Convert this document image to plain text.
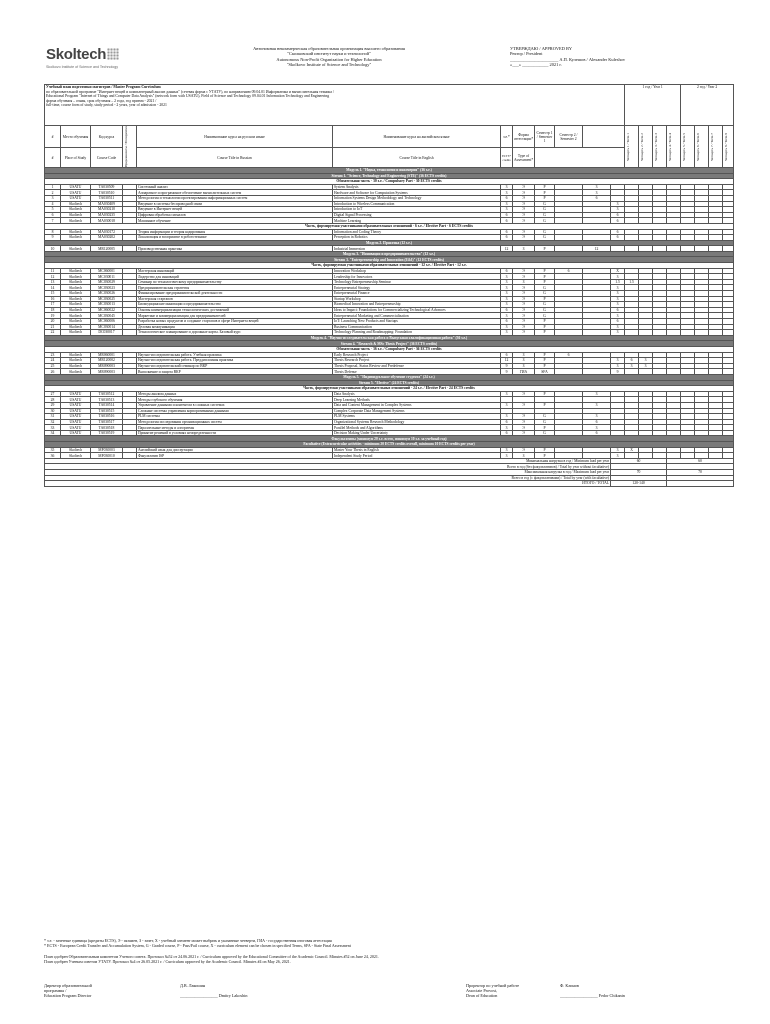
Skoltech
Skolkovo Institute of Science and Technology
Автономная некоммерческая образовательная организация высшего образования
"Сколковский институт науки и технологий"
Autonomous Non-Profit Organization for Higher Education
"Skolkovo Institute of Science and Technology"
УТВЕРЖДАЮ / APPROVED BY
Ректор / President
______________________ А.П. Кулешов / Alexander Kuleshov
«___» ____________ 2021 г.
Учебный план подготовки магистров / Master Program Curriculum
по образовательной программе "Интернет вещей и компьютерный анализ данных" (сетевая форма с УТАТУ), по направлению 09.04.01 Информатика и вычислительная техника /
Educational Program "Internet of Things and Computer Data Analysis" (network form with USATU), Field of Science and Technology 09.04.01 Information Technology and Engineering
форма обучения – очная, срок обучения – 2 года, год приема - 2021 /
full-time, course form of study, study period - 2 years, year of admission - 2021												1 год / Year 1				2 год / Year 2			
#	Место обучения	Код курса	Пререквизиты / Prerequisites	Наименование курса на русском языке	Наименование курса на английском языке	з.е.*	Форма аттестации*	Семестр 1 / Semester 1	Семестр 2 / Semester 2			Четверть 1 / Term 1	Четверть 2 / Term 2	Четверть 3 / Term 3	Четверть 4 / Term 4	Четверть 5 / Term 5	Четверть 6 / Term 6	Четверть 7 / Term 7	Четверть 8 / Term 8

#	Place of Study	Course Code		Course Title in Russian	Course Title in English	ECTS* credits	Type of Assessment*												
Модуль 1. "Наука, технологии и инженерия" (36 з.е.)																			
Stream 1. "Science, Technology and Engineering (STE)" (36 ECTS credits)																			
Обязательная часть - 30 з.е. / Compulsory Part - 30 ECTS credits																			
1	USATU	TA030509		Системный анализ	System Analysis	3	Э	P		3									
2	USATU	TA030510		Аппаратное и программное обеспечение вычислительных систем	Hardware and Software for Computation Systems	3	Э	P		3									
3	USATU	TA030511		Методология и технологии проектирования информационных систем	Information Systems Design Methodology and Technology	6	Э	P		6									
4	Skoltech	MA030409		Введение в системы беспроводной связи	Introduction to Wireless Communication	3	Э	G			3								
5	Skoltech	MA030210		Введение в Интернет вещей	Introduction to IoT	3	Э	G			3								
6	Skoltech	MA030235		Цифровая обработка сигналов	Digital Signal Processing	6	Э	G			6								
7	Skoltech	MA030018		Машинное обучение	Machine Learning	6	Э	G			6								
Часть, формируемая участниками образовательных отношений - 6 з.е. / Elective Part - 6 ECTS credits																			
8	Skoltech	MA030172		Теория информации и теория кодирования	Information and Coding Theory	6	Э	G			6								
9	Skoltech	MA030202		Локализация и восприятие в робототехнике	Perception in Robotics	6	Э	G			6								
Модуль 2. Практика (12 з.е.)																			
10	Skoltech	MR120005		Производственная практика	Industrial Immersion	12	З	P		12									
Модуль 3. "Инновации и предпринимательство" (12 з.е.)																			
Stream 3. "Entrepreneurship and Innovation (E&I)" (12 ECTS credits)																			
Часть, формируемая участниками образовательных отношений - 12 з.е. / Elective Part - 12 з.е.																			
11	Skoltech	MC060001		Мастерская инноваций	Innovation Workshop	6	Э	P	6		X								
12	Skoltech	MC030011		Лидерство для инноваций	Leadership for Innovators	3	Э	P			3								
13	Skoltech	MC030029		Семинар по технологическому предпринимательству	Technology Entrepreneurship Seminar	3	З	P			1.5	1.5							
14	Skoltech	MC030023		Предпринимательская стратегия	Entrepreneurial Strategy	3	Э	G			3								
15	Skoltech	MC030026		Финансирование предпринимательской деятельности	Entrepreneurial Finance	3	Э	G			3								
16	Skoltech	MC030025		Мастерская стартапов	Startup Workshop	3	Э	P			3								
17	Skoltech	MC030013		Биомедицинские инновации и предпринимательство	Biomedical Innovation and Entrepreneurship	3	Э	G			3								
18	Skoltech	MC060022		Основы коммерциализации технологических достижений	Ideas to Impact: Foundations for Commercializing Technological Advances	6	Э	G			6								
19	Skoltech	MC030045		Маркетинг и коммерциализация для предпринимателей	Entrepreneurial Marketing and Commercialization	3	Э	G			3								
20	Skoltech	MC060006		Разработка новых продуктов и создание стартапов в сфере Интернета вещей	IoT: Launching New Products and Startups	6	Э	P			6								
21	Skoltech	MC030014		Деловая коммуникация	Business Communication	3	Э	P			3								
22	Skoltech	DC030017		Технологическое планирование и дорожные карты. Базовый курс	Technology Planning and Roadmapping: Foundation	3	Э	P			3								
Модуль 4. "Научно-исследовательская работа и Выпускная квалификационная работа" (36 з.е.)																			
Stream 4. "Research & MSc Thesis Project" (36 ECTS credits)																			
Обязательная часть - 36 з.е. / Compulsory Part - 36 ECTS credits																			
23	Skoltech	MR060001		Научно-исследовательская работа. Учебная практика	Early Research Project	6	З	P	6										
24	Skoltech	MR120002		Научно-исследовательская работа. Преддипломная практика	Thesis Research Project	12	З	P			3	6	3						
25	Skoltech	MR090003		Научно-исследовательский семинар по ВКР	Thesis Proposal, Status Review and Predefense	9	З	P			3	3	3						
26	Skoltech	MR090003		Выполнение и защита ВКР	Thesis Defense	9	ГИА	SFA			9								
Модуль 5. "Индивидуальное обучение студента" (24 з.е.)																			
Stream 5. "Elective" (24 ECTS credits)																			
Часть, формируемая участниками образовательных отношений - 24 з.е. / Elective Part - 24 ECTS credits																			
27	USATU	TA030512		Методы анализа данных	Data Analysis	3	Э	P		3									
28	USATU	TA030513		Методы глубокого обучения	Deep Learning Methods														
29	USATU	TA030514		Управление данными и контентом в сложных системах	Data and Content Management in Complex Systems	3	Э	P		3									
30	USATU	TA030515		Сложные системы управления корпоративными данными	Complex Corporate Data Management Systems														
31	USATU	TA030516		PLM системы	PLM Systems	3	Э	G		3									
32	USATU	TA030517		Методология исследования организационных систем	Organizational Systems Research Methodology	6	Э	G		6									
33	USATU	TA030518		Параллельные методы и алгоритмы	Parallel Methods and Algorithms	3	Э	P		3									
34	USATU	TA030519		Принятие решений в условиях неопределенности	Decision Making Under Uncertainty	6	Э	G		6									
Факультативы (минимум 20 з.е. всего, минимум 10 з.е. за учебный год)																			
Facultative (Extracurricular activities - minimum 20 ECTS credits overall, minimum 10 ECTS credits per year)																			
35	Skoltech	MF030003		Английский язык для диссертации	Master Your Thesis in English	3	Э	P			3	X							
36	Skoltech	MF030010		Факультатив ISP	Independent Study Period	3	З	P			3								
Минимальная нагрузка в год / Minimum load per year											60				60				
Всего в год (без факультативов) / Total by year without facultative)																			
Максимальная нагрузка в год / Maximum load per year											70				70				
Всего в год (с факультативами) / Total by year (with facultative)																			
ИТОГО / TOTAL											120-140								
* з.е. - зачетные единицы (кредиты ECTS), Э - экзамен, З - зачет, X - учебный элемент может выбрать и указанные четверти, ГИА - государственная итоговая аттестация
* ECTS - European Credit Transfer and Accumulation System, G - Graded course, P - Pass/Fail course, X - curriculum element can be chosen in specified Terms, SFA - State Final Assessment
План одобрен Образовательным комитетом Ученого совета. Протокол №52 от 24.06.2021 г. / Curriculum approved by the Educational Committee of the Academic Council. Minutes #52 on June 24, 2021.
План одобрен Ученым советом УТАТУ. Протокол №4 от 26.05.2021 г. / Curriculum approved by the Academic Council. Minutes #4 on May 26, 2021.
Директор образовательной
программы /
Education Program Director
Д.В. Лакошин
__________________ Dmitry Lakoshin
Проректор по учебной работе
Associate Provost,
Dean of Education
Ф. Клинов
__________________ Fedor Chikanin
